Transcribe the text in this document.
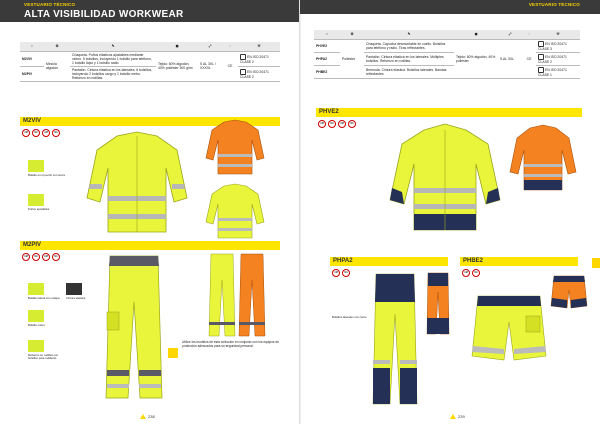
VESTUARIO TÉCNICO
ALTA VISIBILIDAD WORKWEAR
▪	⚙	✎	◼	⤢	◌	⛨
M2VIV	Mezcla algodón	Chaqueta. Puños elásticos ajustables mediante velcro. 5 bolsillos, incluyendo 1 bolsillo para teléfono, 1 bolsillo lápiz y 1 bolsillo radio.	Tejido: 60% algodón, 40% poliéster 300 g/m²	S AL 3XL / XXXXL	CE	EN ISO 20471 CLASE 2
M2PIV		Pantalón. Cintura elástica en los laterales. 6 bolsillos, incluyendo 2 bolsillos cargo y 1 bolsillo metro. Refuerzo en rodillas.				EN ISO 20471 CLASE 2
M2VIV
AM	NA	AM	NA
Bolsillo en el pecho con cierre
Puños ajustables
M2PIV
AM	NA	AM	NA
Bolsillo lateral con solapa
Bolsillo metro
Refuerzo en rodillas con bolsillos para rodilleras
Cintura elástica
Utilice los modelos de esta colección en conjunto con los equipos de protección adecuados para su seguridad personal.
238
VESTUARIO TÉCNICO
▪	⚙	✎	◼	⤢	◌	⛨
PHVE2	Poliéster	Chaqueta. Capucha desmontable en cuello. Bolsillos para teléfono y radio. Tiras reflectantes.	Tejido: 60% algodón, 40% poliéster	S AL 3XL	CE	EN ISO 20471 CLASE 3
PHPA2		Pantalón. Cintura elástica en los laterales. Múltiples bolsillos. Refuerzo en rodillas.				EN ISO 20471 CLASE 2
PHBE2		Bermuda. Cintura elástica. Bolsillos laterales. Bandas reflectantes.				EN ISO 20471 CLASE 1
PHVE2
AM	NA	AM	NA
PHPA2
AM	NA
Bolsillos laterales con cierre
PHBE2
AM	NA
239
